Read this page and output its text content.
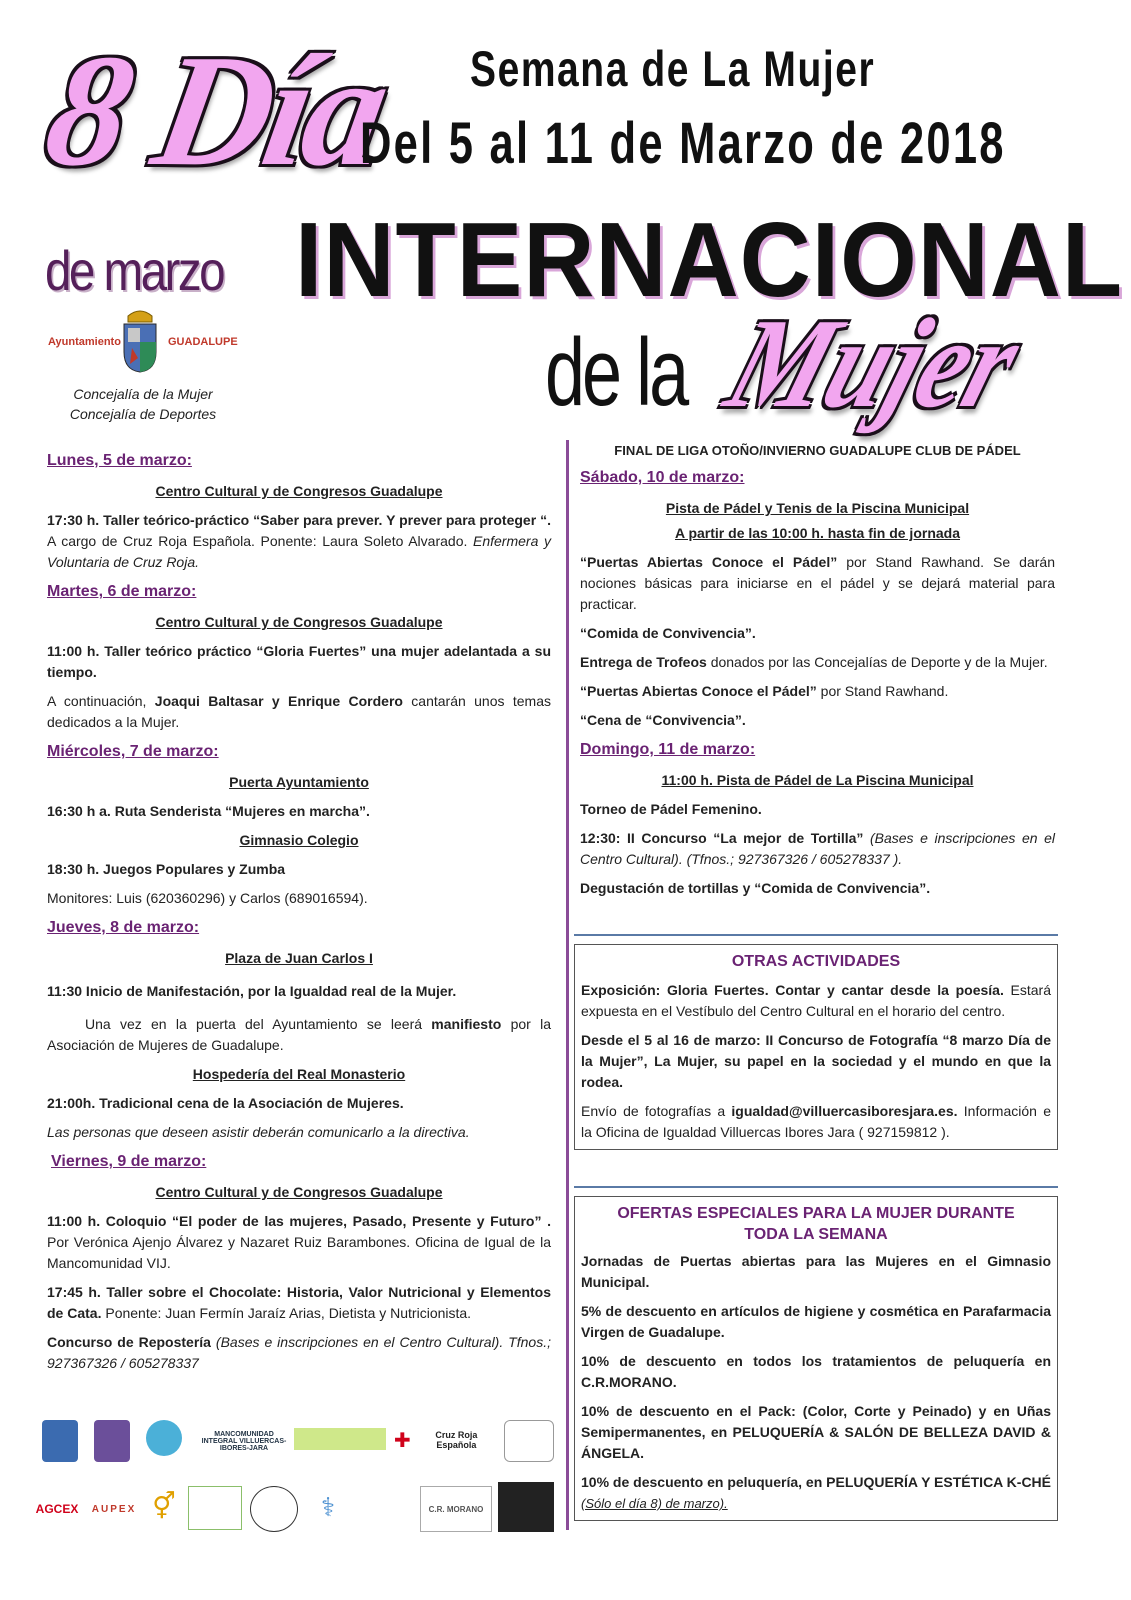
8 Día
de marzo
Semana de La Mujer
Del 5 al 11 de Marzo de 2018
INTERNACIONAL
de la Mujer
Ayuntamiento	GUADALUPE
Concejalía de la Mujer
Concejalía de Deportes
Lunes, 5 de marzo:
Centro Cultural y de Congresos Guadalupe

17:30 h. Taller teórico-práctico “Saber para prever. Y prever para proteger “. A cargo de Cruz Roja Española. Ponente: Laura Soleto Alvarado. Enfermera y Voluntaria de Cruz Roja.

Martes, 6 de marzo:
Centro Cultural y de Congresos Guadalupe

11:00 h. Taller teórico práctico “Gloria Fuertes” una mujer adelantada a su tiempo.

A continuación, Joaqui Baltasar y Enrique Cordero cantarán unos temas dedicados a la Mujer.

Miércoles, 7 de marzo:
Puerta Ayuntamiento

16:30 h a. Ruta Senderista “Mujeres en marcha”.

Gimnasio Colegio

18:30 h. Juegos Populares y Zumba

Monitores: Luis (620360296) y Carlos (689016594).

Jueves, 8 de marzo:
Plaza de Juan Carlos I

11:30 Inicio de Manifestación, por la Igualdad real de la Mujer.

Una vez en la puerta del Ayuntamiento se leerá manifiesto por la Asociación de Mujeres de Guadalupe.

Hospedería del Real Monasterio

21:00h. Tradicional cena de la Asociación de Mujeres.

Las personas que deseen asistir deberán comunicarlo a la directiva.

Viernes, 9 de marzo:
Centro Cultural y de Congresos Guadalupe

11:00 h. Coloquio “El poder de las mujeres, Pasado, Presente y Futuro” . Por Verónica Ajenjo Álvarez y Nazaret Ruiz Barambones. Oficina de Igual de la Mancomunidad VIJ.

17:45 h. Taller sobre el Chocolate: Historia, Valor Nutricional y Elementos de Cata. Ponente: Juan Fermín Jaraíz Arias, Dietista y Nutricionista.

Concurso de Repostería (Bases e inscripciones en el Centro Cultural). Tfnos.; 927367326 / 605278337

MANCOMUNIDAD INTEGRAL VILLUERCAS-IBORES-JARA	✚	Cruz Roja Española
AGCEX AUPEX ⚥	⚕	C.R. MORANO
FINAL DE LIGA OTOÑO/INVIERNO GUADALUPE CLUB DE PÁDEL
Sábado, 10 de marzo:
Pista de Pádel y Tenis de la Piscina Municipal
A partir de las 10:00 h. hasta fin de jornada

“Puertas Abiertas Conoce el Pádel” por Stand Rawhand. Se darán nociones básicas para iniciarse en el pádel y se dejará material para practicar.

“Comida de Convivencia”.

Entrega de Trofeos donados por las Concejalías de Deporte y de la Mujer.

“Puertas Abiertas Conoce el Pádel” por Stand Rawhand.

“Cena de “Convivencia”.

Domingo, 11 de marzo:
11:00 h. Pista de Pádel de La Piscina Municipal

Torneo de Pádel Femenino.

12:30: II Concurso “La mejor de Tortilla” (Bases e inscripciones en el Centro Cultural). (Tfnos.; 927367326 / 605278337 ).

Degustación de tortillas y “Comida de Convivencia”.

OTRAS ACTIVIDADES

Exposición: Gloria Fuertes. Contar y cantar desde la poesía. Estará expuesta en el Vestíbulo del Centro Cultural en el horario del centro.

Desde el 5 al 16 de marzo: II Concurso de Fotografía “8 marzo Día de la Mujer”, La Mujer, su papel en la sociedad y el mundo en que la rodea.

Envío de fotografías a igualdad@villuercasiboresjara.es. Información e la Oficina de Igualdad Villuercas Ibores Jara ( 927159812 ).

OFERTAS ESPECIALES PARA LA MUJER DURANTE
TODA LA SEMANA

Jornadas de Puertas abiertas para las Mujeres en el Gimnasio Municipal.

5% de descuento en artículos de higiene y cosmética en Parafarmacia Virgen de Guadalupe.

10% de descuento en todos los tratamientos de peluquería en C.R.MORANO.

10% de descuento en el Pack: (Color, Corte y Peinado) y en Uñas Semipermanentes, en PELUQUERÍA & SALÓN DE BELLEZA DAVID & ÁNGELA.

10% de descuento en peluquería, en PELUQUERÍA Y ESTÉTICA K-CHÉ (Sólo el día 8) de marzo).
